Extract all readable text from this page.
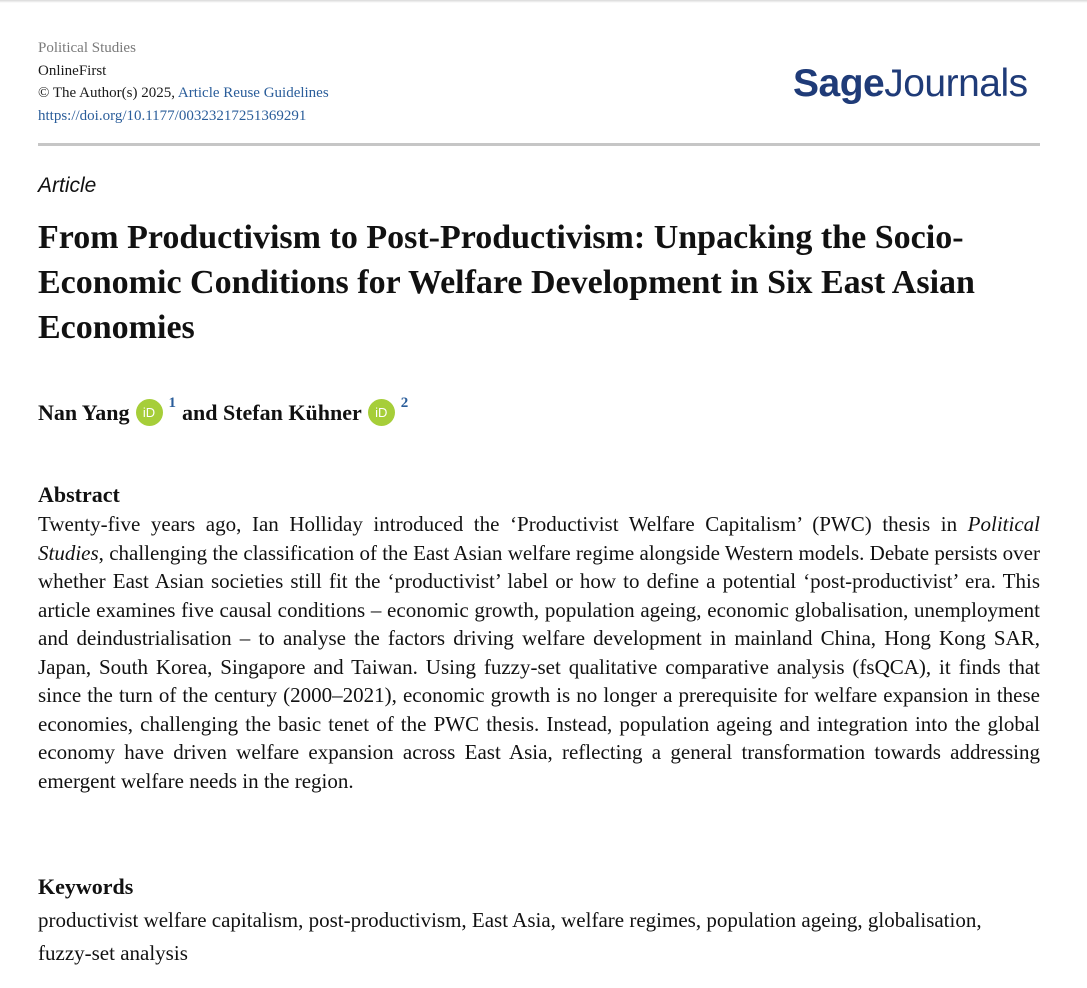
Political Studies
OnlineFirst
© The Author(s) 2025, Article Reuse Guidelines
https://doi.org/10.1177/00323217251369291
SageJournals
Article
From Productivism to Post-Productivism: Unpacking the Socio-Economic Conditions for Welfare Development in Six East Asian Economies
Nan Yang	iD
1 and
Stefan Kühner	iD
2
Abstract

Twenty-five years ago, Ian Holliday introduced the ‘Productivist Welfare Capitalism’ (PWC) thesis in Political Studies, challenging the classification of the East Asian welfare regime alongside Western models. Debate persists over whether East Asian societies still fit the ‘productivist’ label or how to define a potential ‘post-productivist’ era. This article examines five causal conditions – economic growth, population ageing, economic globalisation, unemployment and deindustrialisation – to analyse the factors driving welfare development in mainland China, Hong Kong SAR, Japan, South Korea, Singapore and Taiwan. Using fuzzy-set qualitative comparative analysis (fsQCA), it finds that since the turn of the century (2000–2021), economic growth is no longer a prerequisite for welfare expansion in these economies, challenging the basic tenet of the PWC thesis. Instead, population ageing and integration into the global economy have driven welfare expansion across East Asia, reflecting a general transformation towards addressing emergent welfare needs in the region.

Keywords

productivist welfare capitalism, post-productivism, East Asia, welfare regimes, population ageing, globalisation, fuzzy-set analysis
